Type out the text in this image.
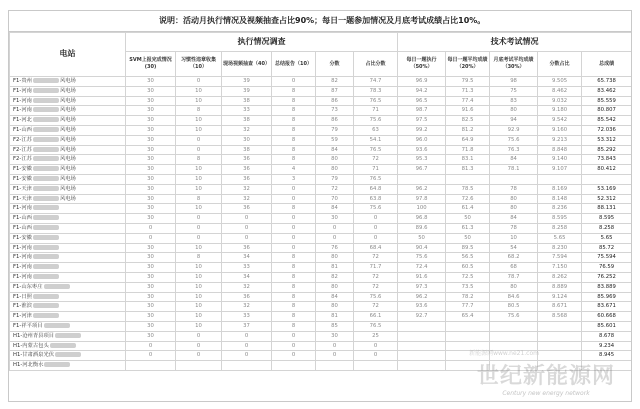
说明：活动月执行情况及视频抽查占比90%；每日一题参加情况及月底考试成绩占比10%。
电站	执行情况调查						技术考试情况				
	SVM上报完成情况(30)	习惯性违章收集（10）	现场视频抽查（40）	总结报告（10）	分数	占比分数	每日一题执行（50%）	每日一题平均成绩（20%）	月底考试平均成绩（30%）	分数占比	总成绩
F1-贵州 风电场	30	0	39	0	82	74.7	96.9	79.5	98	9.505	65.738
F1-河南 风电场	30	10	39	8	87	78.3	94.2	71.3	75	8.462	83.462
F1-河南 风电场	30	10	38	8	86	76.5	96.5	77.4	83	9.032	85.559
F1-河南 风电场	30	8	33	8	73	71	98.7	91.6	80	9.180	80.807
F1-河北 风电场	30	10	38	8	86	75.6	97.5	82.5	94	9.542	85.542
F1-山西 风电场	30	10	32	8	79	63	99.2	81.2	92.9	9.160	72.036
F2-江苏 风电场	30	0	30	8	59	54.1	96.0	64.9	75.6	9.213	53.312
F2-江苏 风电场	30	0	38	8	84	76.5	93.6	71.8	76.3	8.848	85.292
F2-江苏 风电场	30	8	36	8	80	72	95.3	83.1	84	9.140	73.843
F1-安徽 风电场	30	10	36	4	80	71	96.7	81.3	78.1	9.107	80.412
F1-安徽 风电场	30	10	36	3	79	76.5					
F1-天津 风电场	30	10	32	0	72	64.8	96.2	78.5	78	8.169	53.169
F1-天津 风电场	30	8	32	0	70	63.8	97.8	72.6	80	8.148	52.312
F1-河南	30	10	36	8	84	75.6	100	61.4	80	8.236	88.131
F1-山西	30	0	0	0	30	0	96.8	50	84	8.595	8.595
F1-山西	0	0	0	0	0	0	89.6	61.3	78	8.258	8.258
F1-安徽	0	0	0	0	0	0	50	50	10	5.65	5.65
F1-河南	30	10	36	0	76	68.4	90.4	89.5	54	8.230	85.72
F1-河南	30	8	34	8	80	72	75.6	56.5	68.2	7.594	75.594
F1-河南	30	10	33	8	81	71.7	72.4	60.5	68	7.150	76.59
F1-河南	30	10	34	8	82	72	91.6	72.5	78.7	8.262	76.252
F1-山东枣庄	30	10	32	8	80	72	97.3	73.5	80	8.889	83.889
F1-日照	30	10	36	8	84	75.6	96.2	78.2	84.6	9.124	85.969
F1-淮滨	30	10	32	8	80	72	93.6	77.7	80.5	8.671	83.671
F1-河津	30	10	33	8	81	66.1	92.7	65.4	75.6	8.568	60.668
F1-祥平项目	30	10	37	8	85	76.5					85.601
H1-沧州青县项目	30	0	0	0	30	25					8.678
H1-内蒙古包头	0	0	0	0	0	0					9.234
H1-甘肃酒泉光伏	0	0	0	0	0	0					8.945
H1-河北衡水											
新能源网www.ne21.com
世纪新能源网
Century new energy network
